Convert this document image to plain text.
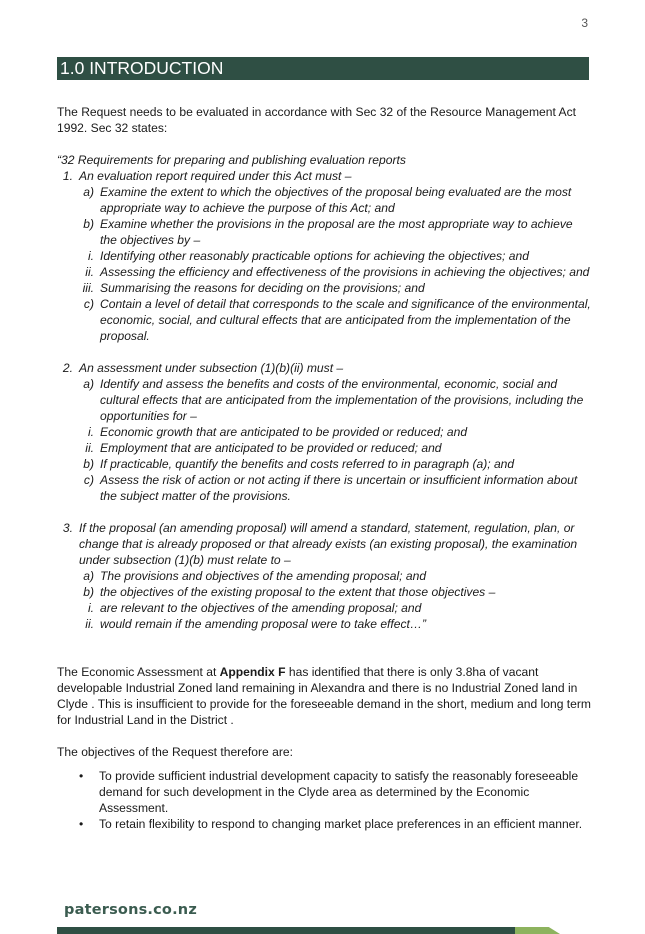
3
1.0 INTRODUCTION

The Request needs to be evaluated in accordance with Sec 32 of the Resource Management Act 1992. Sec 32 states:

“32 Requirements for preparing and publishing evaluation reports

1. An evaluation report required under this Act must –

a) Examine the extent to which the objectives of the proposal being evaluated are the most appropriate way to achieve the purpose of this Act; and

b) Examine whether the provisions in the proposal are the most appropriate way to achieve the objectives by –

i. Identifying other reasonably practicable options for achieving the objectives; and

ii. Assessing the efficiency and effectiveness of the provisions in achieving the objectives; and

iii. Summarising the reasons for deciding on the provisions; and

c) Contain a level of detail that corresponds to the scale and significance of the environmental, economic, social, and cultural effects that are anticipated from the implementation of the proposal.

2. An assessment under subsection (1)(b)(ii) must –

a) Identify and assess the benefits and costs of the environmental, economic, social and cultural effects that are anticipated from the implementation of the provisions, including the opportunities for –

i. Economic growth that are anticipated to be provided or reduced; and

ii. Employment that are anticipated to be provided or reduced; and

b) If practicable, quantify the benefits and costs referred to in paragraph (a); and

c) Assess the risk of action or not acting if there is uncertain or insufficient information about the subject matter of the provisions.

3. If the proposal (an amending proposal) will amend a standard, statement, regulation, plan, or change that is already proposed or that already exists (an existing proposal), the examination under subsection (1)(b) must relate to –

a) The provisions and objectives of the amending proposal; and

b) the objectives of the existing proposal to the extent that those objectives –

i. are relevant to the objectives of the amending proposal; and

ii. would remain if the amending proposal were to take effect…”

The Economic Assessment at Appendix F has identified that there is only 3.8ha of vacant developable Industrial Zoned land remaining in Alexandra and there is no Industrial Zoned land in Clyde . This is insufficient to provide for the foreseeable demand in the short, medium and long term for Industrial Land in the District .

The objectives of the Request therefore are:

• To provide sufficient industrial development capacity to satisfy the reasonably foreseeable demand for such development in the Clyde area as determined by the Economic Assessment.
• To retain flexibility to respond to changing market place preferences in an efficient manner.
patersons.co.nz
